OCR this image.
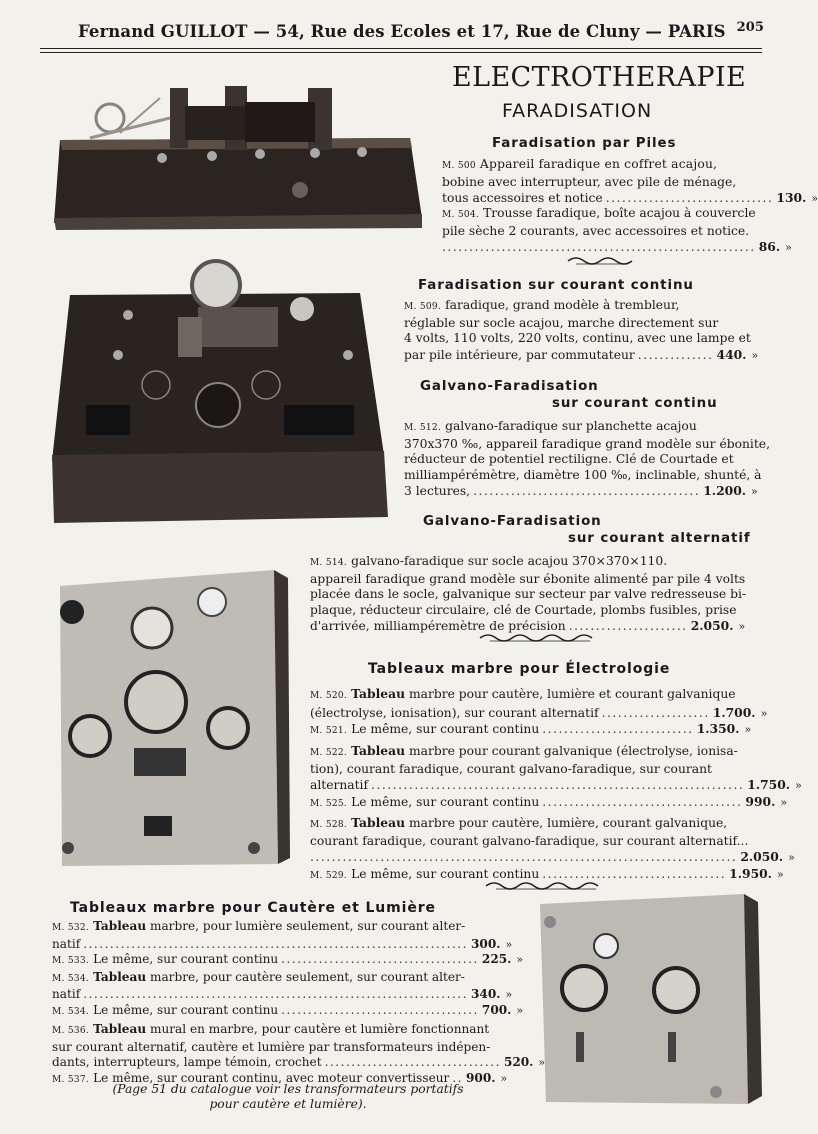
Fernand GUILLOT — 54, Rue des Ecoles et 17, Rue de Cluny — PARIS 205
ELECTROTHERAPIE
FARADISATION
Faradisation par Piles
M. 500 Appareil faradique en coffret acajou,
bobine avec interrupteur, avec pile de ménage,
tous accessoires et notice ............................... 130. »
M. 504. Trousse faradique, boîte acajou à couvercle
pile sèche 2 courants, avec accessoires et notice.
.......................................................... 86. »
Faradisation sur courant continu
M. 509. faradique, grand modèle à trembleur,
réglable sur socle acajou, marche directement sur
4 volts, 110 volts, 220 volts, continu, avec une lampe et
par pile intérieure, par commutateur .............. 440. »
Galvano-Faradisation
sur courant continu
M. 512. galvano-faradique sur planchette acajou
370x370 ‰, appareil faradique grand modèle sur ébonite,
réducteur de potentiel rectiligne. Clé de Courtade et
milliampérémètre, diamètre 100 ‰, inclinable, shunté, à
3 lectures, .......................................... 1.200. »
Galvano-Faradisation
sur courant alternatif
M. 514. galvano-faradique sur socle acajou 370×370×110.
appareil faradique grand modèle sur ébonite alimenté par pile 4 volts
placée dans le socle, galvanique sur secteur par valve redresseuse bi-
plaque, réducteur circulaire, clé de Courtade, plombs fusibles, prise
d'arrivée, milliampéremètre de précision ...................... 2.050. »
Tableaux marbre pour Électrologie
M. 520. Tableau marbre pour cautère, lumière et courant galvanique
(électrolyse, ionisation), sur courant alternatif .................... 1.700. »
M. 521. Le même, sur courant continu ............................ 1.350. »
M. 522. Tableau marbre pour courant galvanique (électrolyse, ionisa-
tion), courant faradique, courant galvano-faradique, sur courant
alternatif ..................................................................... 1.750. »
M. 525. Le même, sur courant continu ..................................... 990. »
M. 528. Tableau marbre pour cautère, lumière, courant galvanique,
courant faradique, courant galvano-faradique, sur courant alternatif...
............................................................................... 2.050. »
M. 529. Le même, sur courant continu .................................. 1.950. »
Tableaux marbre pour Cautère et Lumière
M. 532. Tableau marbre, pour lumière seulement, sur courant alter-
natif ........................................................................ 300. »
M. 533. Le même, sur courant continu ..................................... 225. »
M. 534. Tableau marbre, pour cautère seulement, sur courant alter-
natif ........................................................................ 340. »
M. 534. Le même, sur courant continu ..................................... 700. »
M. 536. Tableau mural en marbre, pour cautère et lumière fonctionnant
sur courant alternatif, cautère et lumière par transformateurs indépen-
dants, interrupteurs, lampe témoin, crochet ................................. 520. »
M. 537. Le même, sur courant continu, avec moteur convertisseur .. 900. »
(Page 51 du catalogue voir les transformateurs portatifs
pour cautère et lumière).
